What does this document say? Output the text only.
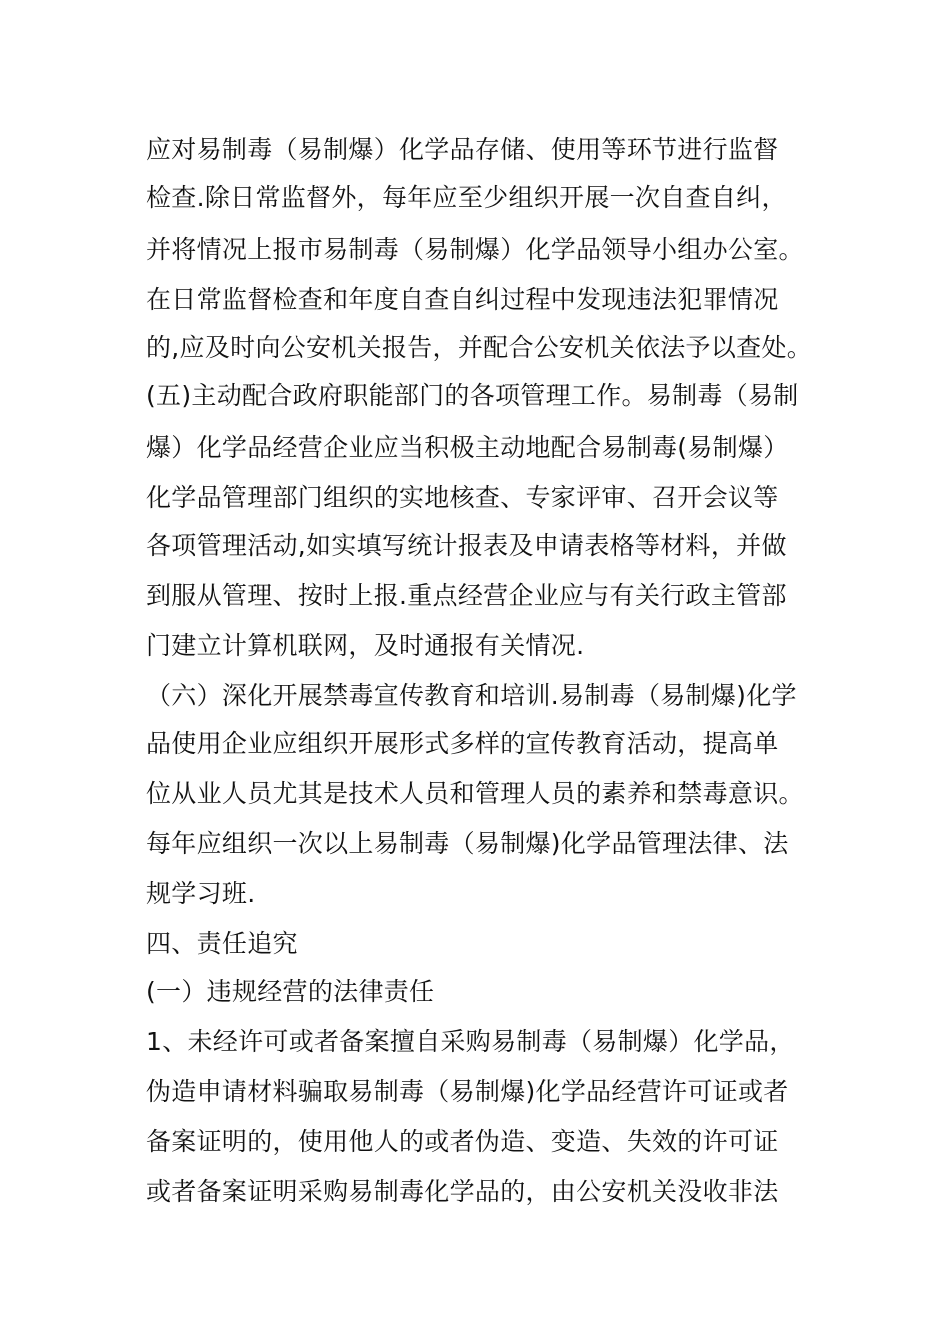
应对易制毒（易制爆）化学品存储、使用等环节进行监督
检查.除日常监督外，每年应至少组织开展一次自查自纠，
并将情况上报市易制毒（易制爆）化学品领导小组办公室。
在日常监督检查和年度自查自纠过程中发现违法犯罪情况
的,应及时向公安机关报告，并配合公安机关依法予以查处。
(五)主动配合政府职能部门的各项管理工作。易制毒（易制
爆）化学品经营企业应当积极主动地配合易制毒(易制爆）
化学品管理部门组织的实地核查、专家评审、召开会议等
各项管理活动,如实填写统计报表及申请表格等材料，并做
到服从管理、按时上报.重点经营企业应与有关行政主管部
门建立计算机联网，及时通报有关情况.
（六）深化开展禁毒宣传教育和培训.易制毒（易制爆)化学
品使用企业应组织开展形式多样的宣传教育活动，提高单
位从业人员尤其是技术人员和管理人员的素养和禁毒意识。
每年应组织一次以上易制毒（易制爆)化学品管理法律、法
规学习班.
四、责任追究
(一）违规经营的法律责任
1、未经许可或者备案擅自采购易制毒（易制爆）化学品，
伪造申请材料骗取易制毒（易制爆)化学品经营许可证或者
备案证明的，使用他人的或者伪造、变造、失效的许可证
或者备案证明采购易制毒化学品的，由公安机关没收非法
